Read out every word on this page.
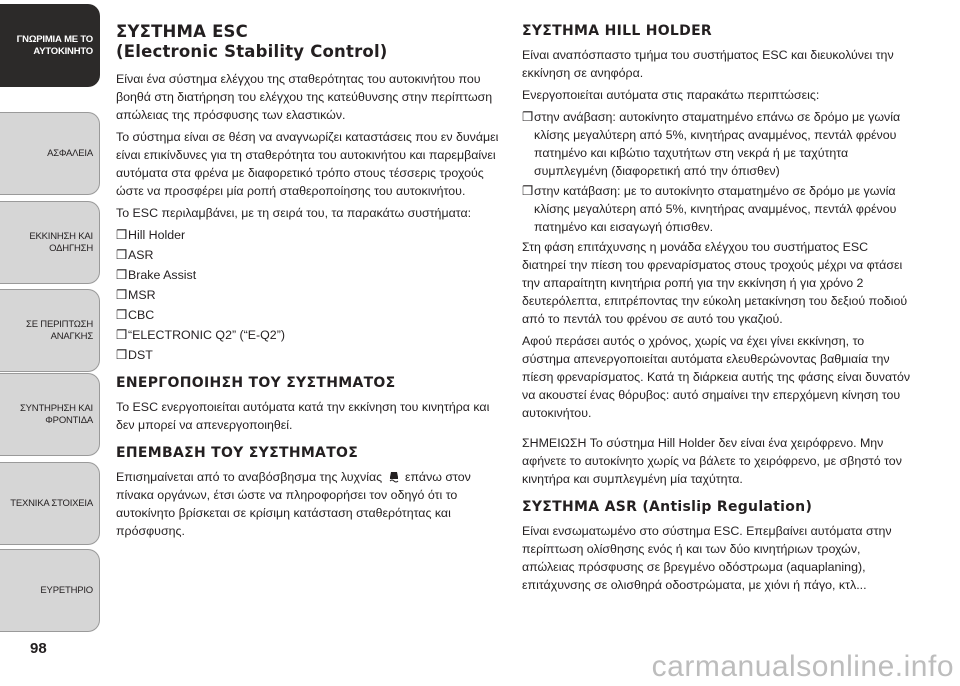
ΓΝΩΡΙΜΙΑ ΜΕ ΤΟ
ΑΥΤΟΚΙΝΗΤΟ
ΑΣΦΑΛΕΙΑ
ΕΚΚΙΝΗΣΗ ΚΑΙ
ΟΔΗΓΗΣΗ
ΣΕ ΠΕΡΙΠΤΩΣΗ
ΑΝΑΓΚΗΣ
ΣΥΝΤΗΡΗΣΗ ΚΑΙ
ΦΡΟΝΤΙΔΑ
ΤΕΧΝΙΚΑ ΣΤΟΙΧΕΙΑ
ΕΥΡΕΤΗΡΙΟ
98
ΣΥΣΤΗΜΑ ESC
(Electronic Stability Control)

Είναι ένα σύστημα ελέγχου της σταθερότητας του αυτοκινήτου που βοηθά στη διατήρηση του ελέγχου της κατεύθυνσης στην περίπτωση απώλειας της πρόσφυσης των ελαστικών.

Το σύστημα είναι σε θέση να αναγνωρίζει καταστάσεις που εν δυνάμει είναι επικίνδυνες για τη σταθερότητα του αυτοκινήτου και παρεμβαίνει αυτόματα στα φρένα με διαφορετικό τρόπο στους τέσσερις τροχούς ώστε να προσφέρει μία ροπή σταθεροποίησης του αυτοκινήτου.

Το ESC περιλαμβάνει, με τη σειρά του, τα παρακάτω συστήματα:

❒ Hill Holder
❒ ASR
❒ Brake Assist
❒ MSR
❒ CBC
❒ “ELECTRONIC Q2” (“E-Q2”)
❒ DST
ΕΝΕΡΓΟΠΟΙΗΣΗ ΤΟΥ ΣΥΣΤΗΜΑΤΟΣ

Το ESC ενεργοποιείται αυτόματα κατά την εκκίνηση του κινητήρα και δεν μπορεί να απενεργοποιηθεί.

ΕΠΕΜΒΑΣΗ ΤΟΥ ΣΥΣΤΗΜΑΤΟΣ

Επισημαίνεται από το αναβόσβησμα της λυχνίας επάνω στον πίνακα οργάνων, έτσι ώστε να πληροφορήσει τον οδηγό ότι το αυτοκίνητο βρίσκεται σε κρίσιμη κατάσταση σταθερότητας και πρόσφυσης.

ΣΥΣΤΗΜΑ HILL HOLDER

Είναι αναπόσπαστο τμήμα του συστήματος ESC και διευκολύνει την εκκίνηση σε ανηφόρα.

Ενεργοποιείται αυτόματα στις παρακάτω περιπτώσεις:

❒ στην ανάβαση: αυτοκίνητο σταματημένο επάνω σε δρόμο με γωνία κλίσης μεγαλύτερη από 5%, κινητήρας αναμμένος, πεντάλ φρένου πατημένο και κιβώτιο ταχυτήτων στη νεκρά ή με ταχύτητα συμπλεγμένη (διαφορετική από την όπισθεν)
❒ στην κατάβαση: με το αυτοκίνητο σταματημένο σε δρόμο με γωνία κλίσης μεγαλύτερη από 5%, κινητήρας αναμμένος, πεντάλ φρένου πατημένο και εισαγωγή όπισθεν.

Στη φάση επιτάχυνσης η μονάδα ελέγχου του συστήματος ESC διατηρεί την πίεση του φρεναρίσματος στους τροχούς μέχρι να φτάσει την απαραίτητη κινητήρια ροπή για την εκκίνηση ή για χρόνο 2 δευτερόλεπτα, επιτρέποντας την εύκολη μετακίνηση του δεξιού ποδιού από το πεντάλ του φρένου σε αυτό του γκαζιού.

Αφού περάσει αυτός ο χρόνος, χωρίς να έχει γίνει εκκίνηση, το σύστημα απενεργοποιείται αυτόματα ελευθερώνοντας βαθμιαία την πίεση φρεναρίσματος. Κατά τη διάρκεια αυτής της φάσης είναι δυνατόν να ακουστεί ένας θόρυβος: αυτό σημαίνει την επερχόμενη κίνηση του αυτοκινήτου.

ΣΗΜΕΙΩΣΗ Το σύστημα Hill Holder δεν είναι ένα χειρόφρενο. Μην αφήνετε το αυτοκίνητο χωρίς να βάλετε το χειρόφρενο, με σβηστό τον κινητήρα και συμπλεγμένη μία ταχύτητα.

ΣΥΣΤΗΜΑ ASR (Antislip Regulation)

Είναι ενσωματωμένο στο σύστημα ESC. Επεμβαίνει αυτόματα στην περίπτωση ολίσθησης ενός ή και των δύο κινητήριων τροχών, απώλειας πρόσφυσης σε βρεγμένο οδόστρωμα (aquaplaning), επιτάχυνσης σε ολισθηρά οδοστρώματα, με χιόνι ή πάγο, κτλ...

carmanualsonline.info
